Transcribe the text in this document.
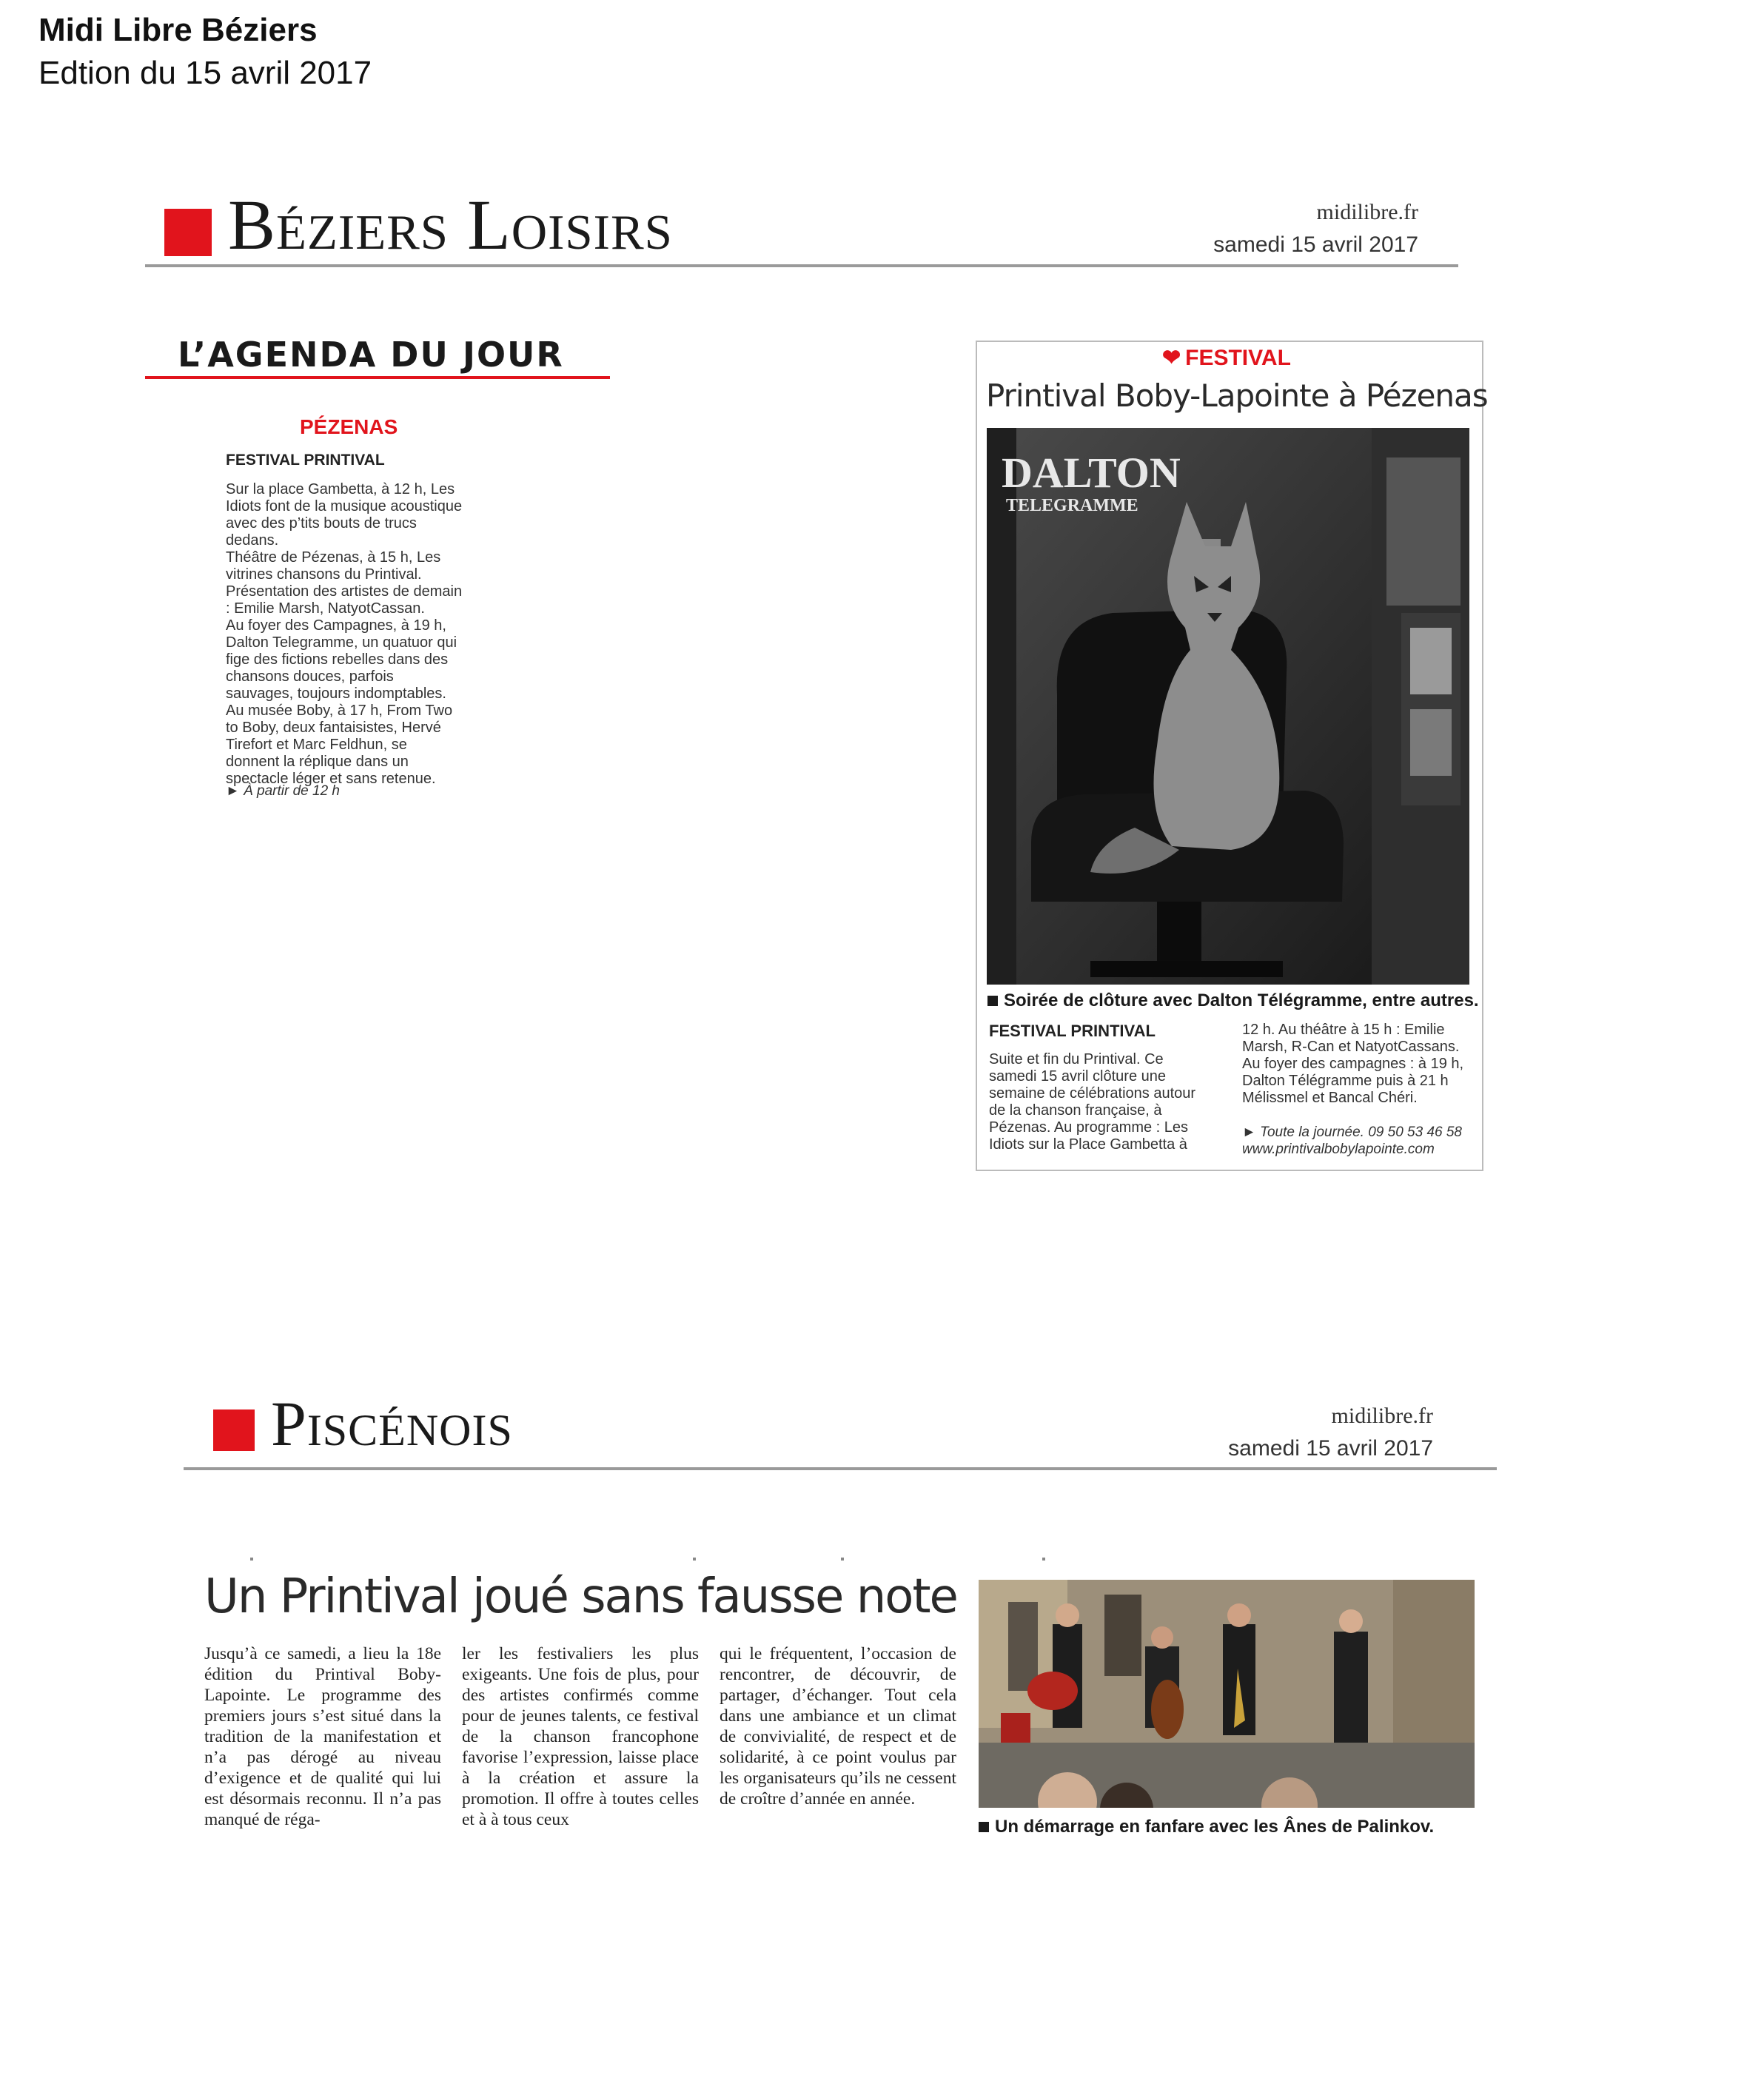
Midi Libre Béziers
Edtion du 15 avril 2017
Béziers Loisirs	midilibre.fr
samedi 15 avril 2017
L’AGENDA DU JOUR
PÉZENAS
FESTIVAL PRINTIVAL

Sur la place Gambetta, à 12 h, Les Idiots font de la musique acoustique avec des p’tits bouts de trucs dedans.

Théâtre de Pézenas, à 15 h, Les vitrines chansons du Printival. Présentation des artistes de demain : Emilie Marsh, NatyotCassan.

Au foyer des Campagnes, à 19 h, Dalton Telegramme, un quatuor qui fige des fictions rebelles dans des chansons douces, parfois sauvages, toujours indomptables.

Au musée Boby, à 17 h, From Two to Boby, deux fantaisistes, Hervé Tirefort et Marc Feldhun, se donnent la réplique dans un spectacle léger et sans retenue.

► À partir de 12 h
❤ FESTIVAL
Printival Boby-Lapointe à Pézenas
DALTON
TELEGRAMME
Soirée de clôture avec Dalton Télégramme, entre autres.
FESTIVAL PRINTIVAL
Suite et fin du Printival. Ce samedi 15 avril clôture une semaine de célébrations autour de la chanson française, à Pézenas. Au programme : Les Idiots sur la Place Gambetta à
12 h. Au théâtre à 15 h : Emilie Marsh, R-Can et NatyotCassans. Au foyer des campagnes : à 19 h, Dalton Télégramme puis à 21 h Mélissmel et Bancal Chéri.
► Toute la journée. 09 50 53 46 58
www.printivalbobylapointe.com
Piscénois	midilibre.fr
samedi 15 avril 2017
Un Printival joué sans fausse note
Jusqu’à ce samedi, a lieu la 18e édition du Printival Boby-Lapointe. Le programme des premiers jours s’est situé dans la tradition de la manifestation et n’a pas dérogé au niveau d’exigence et de qualité qui lui est désormais reconnu. Il n’a pas manqué de réga-
ler les festivaliers les plus exigeants. Une fois de plus, pour des artistes confirmés comme pour de jeunes talents, ce festival de la chanson francophone favorise l’expression, laisse place à la création et assure la promotion. Il offre à toutes celles et à à tous ceux
qui le fréquentent, l’occasion de rencontrer, de découvrir, de partager, d’échanger. Tout cela dans une ambiance et un climat de convivialité, de respect et de solidarité, à ce point voulus par les organisateurs qu’ils ne cessent de croître d’année en année.
Un démarrage en fanfare avec les Ânes de Palinkov.
